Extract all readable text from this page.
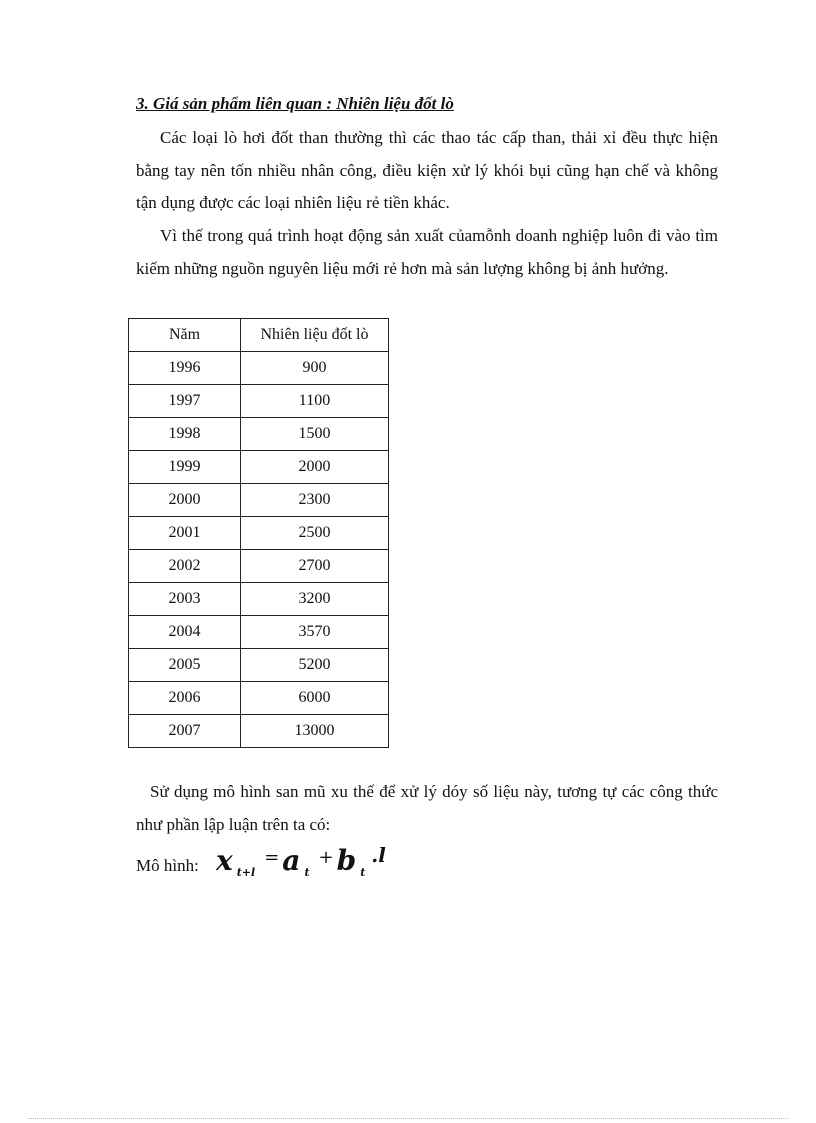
3. Giá sản phẩm liên quan : Nhiên liệu đốt lò
Các loại lò hơi đốt than thường thì các thao tác cấp than, thải xỉ đều thực hiện bằng tay nên tốn nhiều nhân công, điều kiện xử lý khói bụi cũng hạn chế và không tận dụng được các loại nhiên liệu rẻ tiền khác.
Vì thế trong quá trình hoạt động sản xuất củamỗnh doanh nghiệp luôn đi vào tìm kiếm những nguồn nguyên liệu mới rẻ hơn mà sản lượng không bị ảnh hưởng.
Năm	Nhiên liệu đốt lò
1996	900
1997	1100
1998	1500
1999	2000
2000	2300
2001	2500
2002	2700
2003	3200
2004	3570
2005	5200
2006	6000
2007	13000
Sử dụng mô hình san mũ xu thế để xử lý dóy số liệu này, tương tự các công thức như phần lập luận trên ta có:
Mô hình: x $_{t+l}$= a $_t$+ b $_t$.l
